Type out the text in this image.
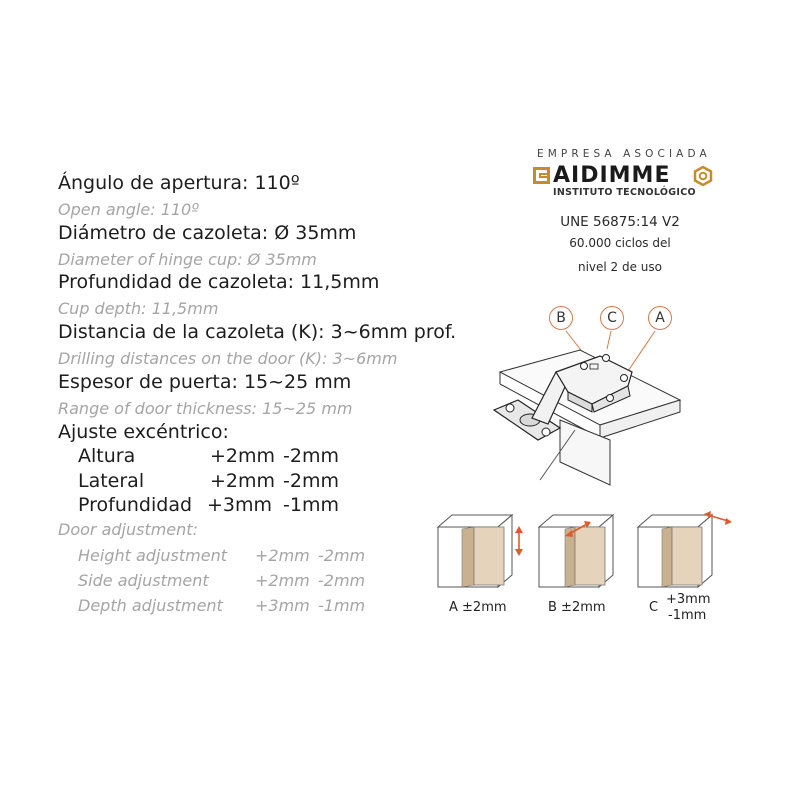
Ángulo de apertura: 110º
Open angle: 110º
Diámetro de cazoleta: Ø 35mm
Diameter of hinge cup: Ø 35mm
Profundidad de cazoleta: 11,5mm
Cup depth: 11,5mm
Distancia de la cazoleta (K): 3~6mm prof.
Drilling distances on the door (K): 3~6mm
Espesor de puerta: 15~25 mm
Range of door thickness: 15~25 mm
Ajuste excéntrico:
Altura	+2mm -2mm
Lateral	+2mm -2mm
Profundidad +3mm -1mm
Door adjustment:
Height adjustment +2mm -2mm
Side adjustment	+2mm -2mm
Depth adjustment +3mm -1mm
EMPRESA ASOCIADA
AIDIMME
INSTITUTO TECNOLÓGICO
UNE 56875:14 V2
60.000 ciclos del
nivel 2 de uso
B	C	A
A ±2mm	B ±2mm	C
+3mm
-1mm
